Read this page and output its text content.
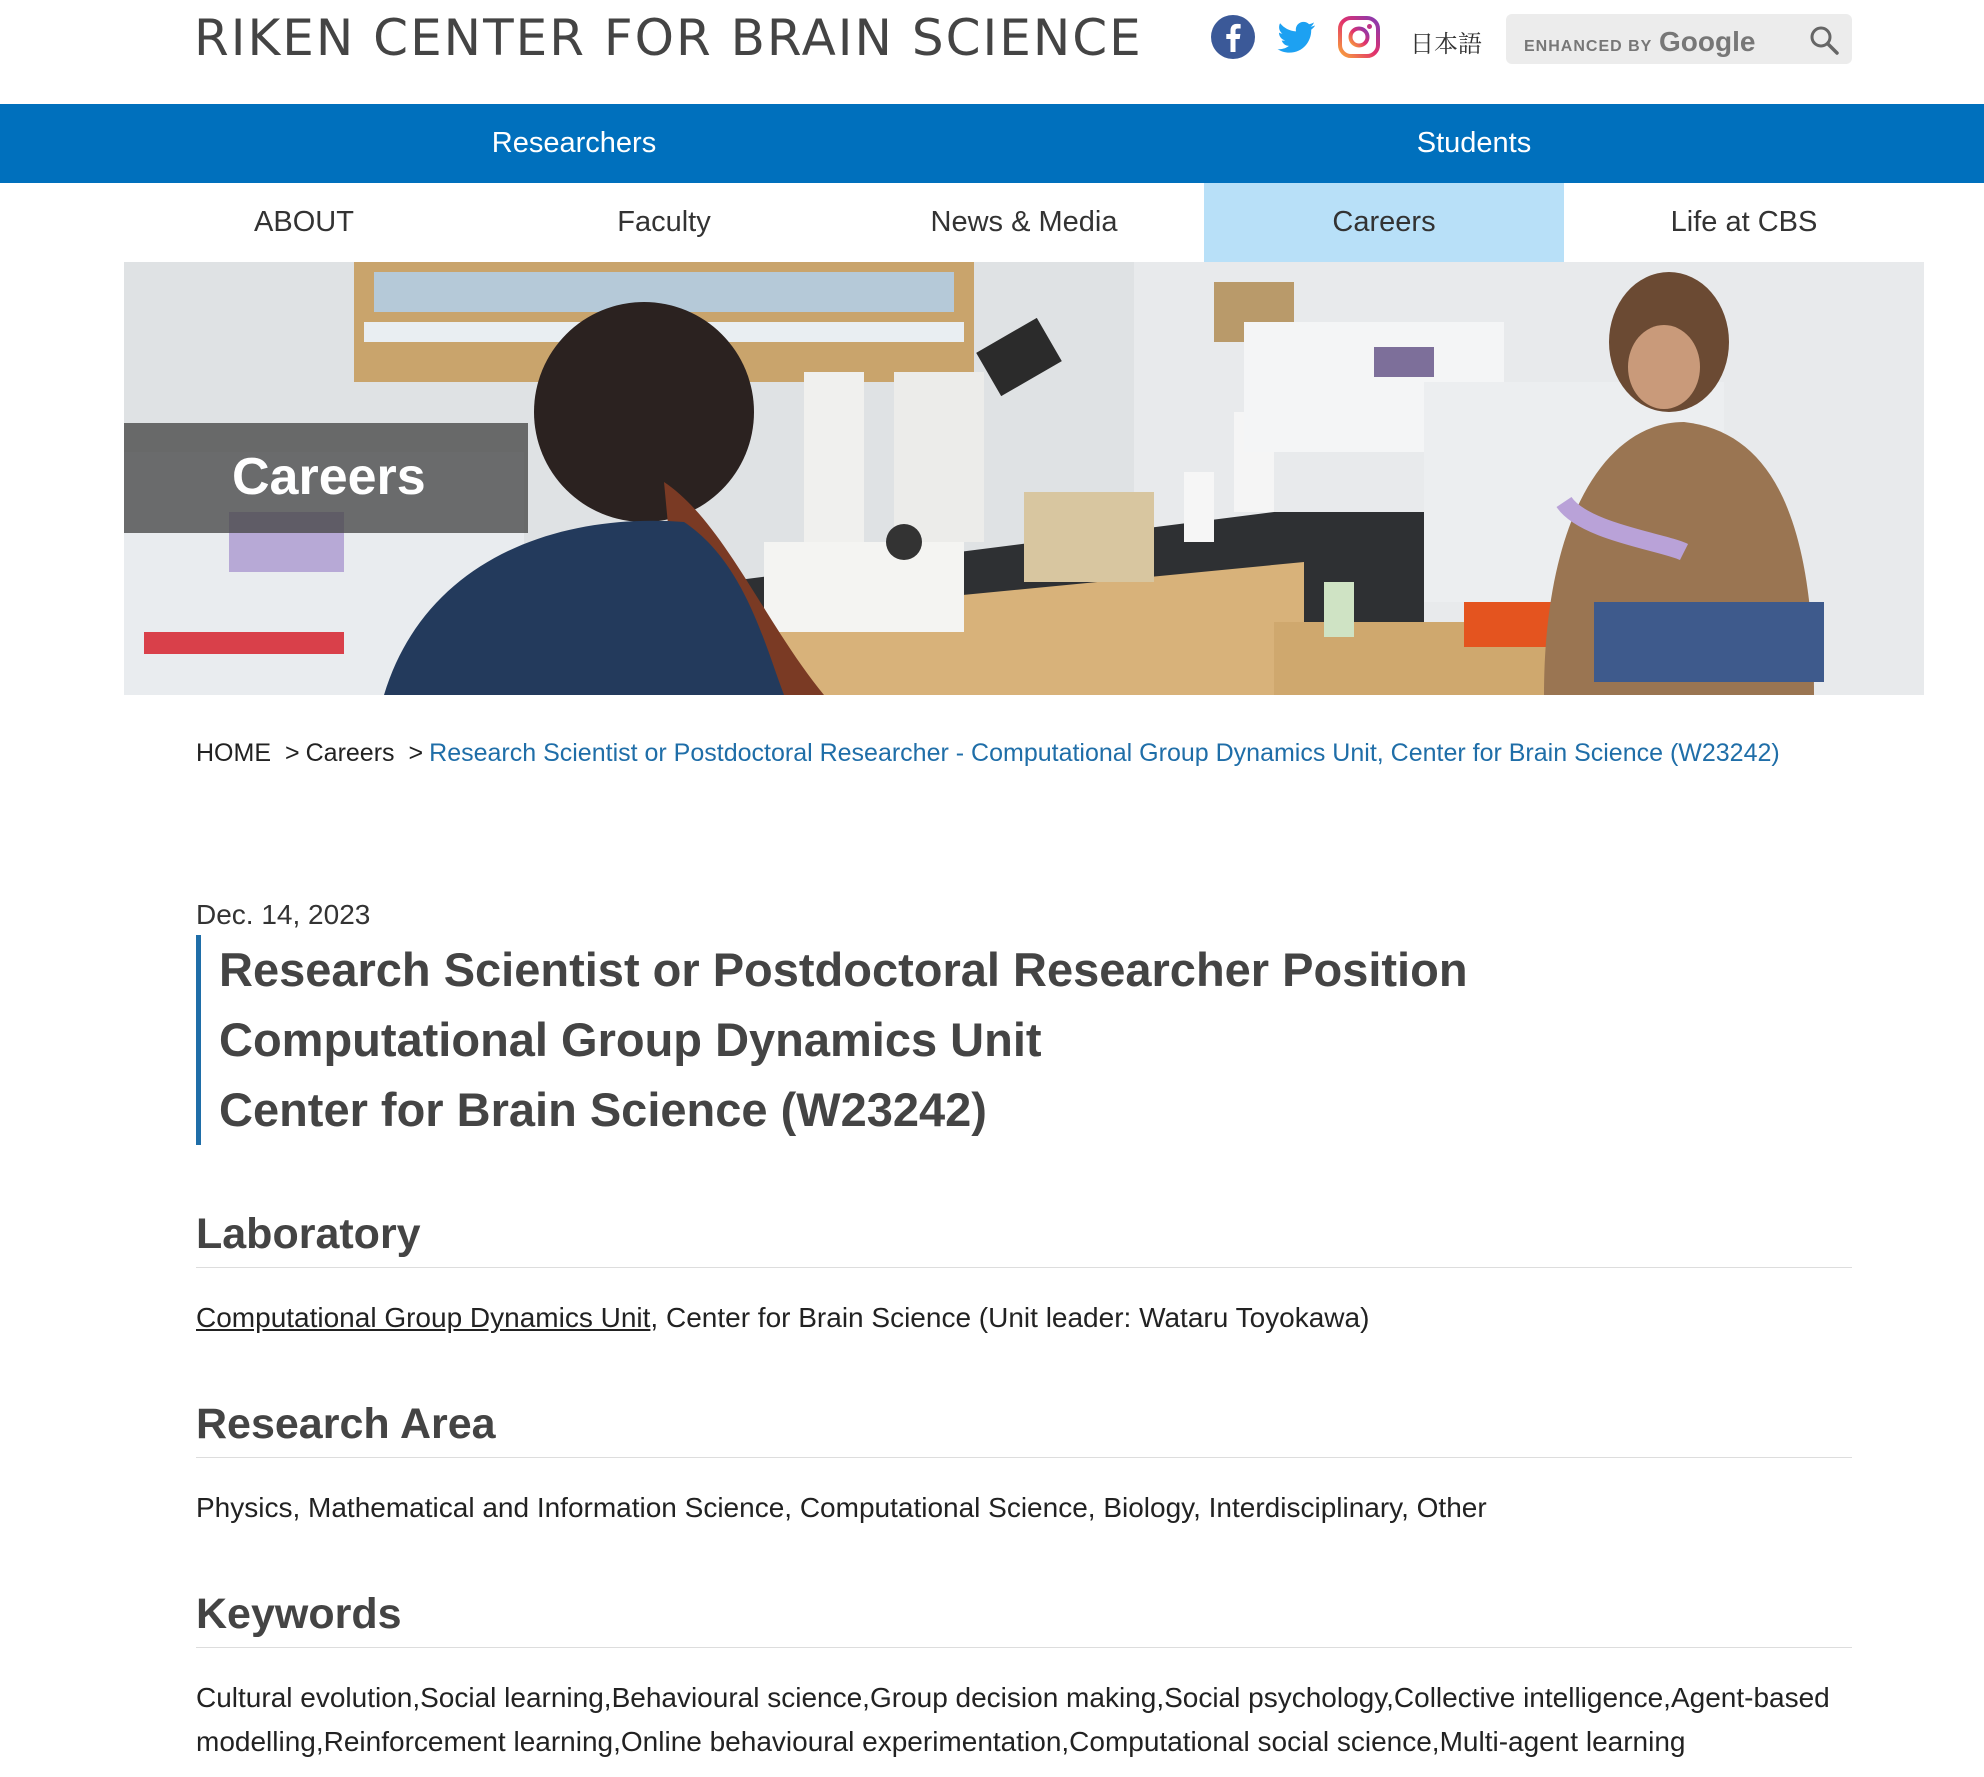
RIKEN CENTER FOR BRAIN SCIENCE	日本語	ENHANCED BY Google
Researchers	Students
ABOUT	Faculty	News & Media	Careers	Life at CBS
Careers
HOME > Careers > Research Scientist or Postdoctoral Researcher - Computational Group Dynamics Unit, Center for Brain Science (W23242)
Dec. 14, 2023
Research Scientist or Postdoctoral Researcher Position
Computational Group Dynamics Unit
Center for Brain Science (W23242)
Laboratory
Computational Group Dynamics Unit, Center for Brain Science (Unit leader: Wataru Toyokawa)
Research Area
Physics, Mathematical and Information Science, Computational Science, Biology, Interdisciplinary, Other
Keywords
Cultural evolution,Social learning,Behavioural science,Group decision making,Social psychology,Collective intelligence,Agent-based modelling,Reinforcement learning,Online behavioural experimentation,Computational social science,Multi-agent learning
